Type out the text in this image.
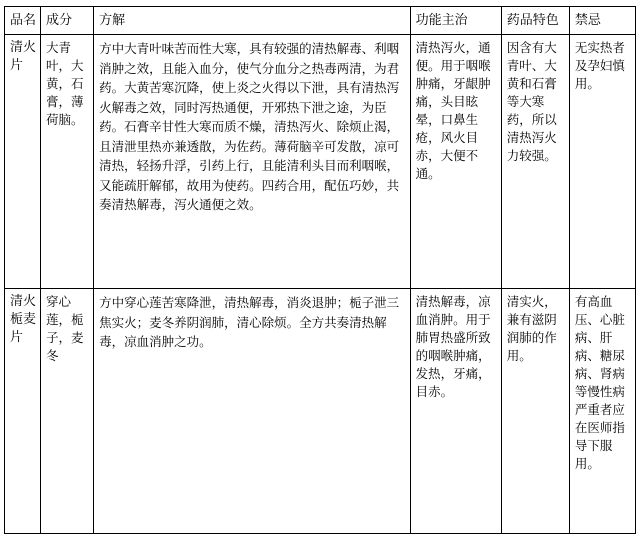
品名	成分	方解	功能主治	药品特色	禁忌
清火片	大青叶，大黄，石膏，薄荷脑。	方中大青叶味苦而性大寒，具有较强的清热解毒、利咽消肿之效，且能入血分，使气分血分之热毒两清，为君药。大黄苦寒沉降，使上炎之火得以下泄，具有清热泻火解毒之效，同时泻热通便，开邪热下泄之途，为臣药。石膏辛甘性大寒而质不燥，清热泻火、除烦止渴，且清泄里热亦兼透散，为佐药。薄荷脑辛可发散，凉可清热，轻扬升浮，引药上行，且能清利头目而利咽喉，又能疏肝解郁，故用为使药。四药合用，配伍巧妙，共奏清热解毒，泻火通便之效。	清热泻火，通便。用于咽喉肿痛，牙龈肿痛，头目眩晕，口鼻生疮，风火目赤，大便不通。	因含有大青叶、大黄和石膏等大寒药，所以清热泻火力较强。	无实热者及孕妇慎用。
清火栀麦片	穿心莲，栀子，麦冬	方中穿心莲苦寒降泄，清热解毒，消炎退肿；栀子泄三焦实火；麦冬养阴润肺，清心除烦。全方共奏清热解毒，凉血消肿之功。	清热解毒，凉血消肿。用于肺胃热盛所致的咽喉肿痛，发热，牙痛，目赤。	清实火，兼有滋阴润肺的作用。	有高血压、心脏病、肝病、糖尿病、肾病等慢性病严重者应在医师指导下服用。
